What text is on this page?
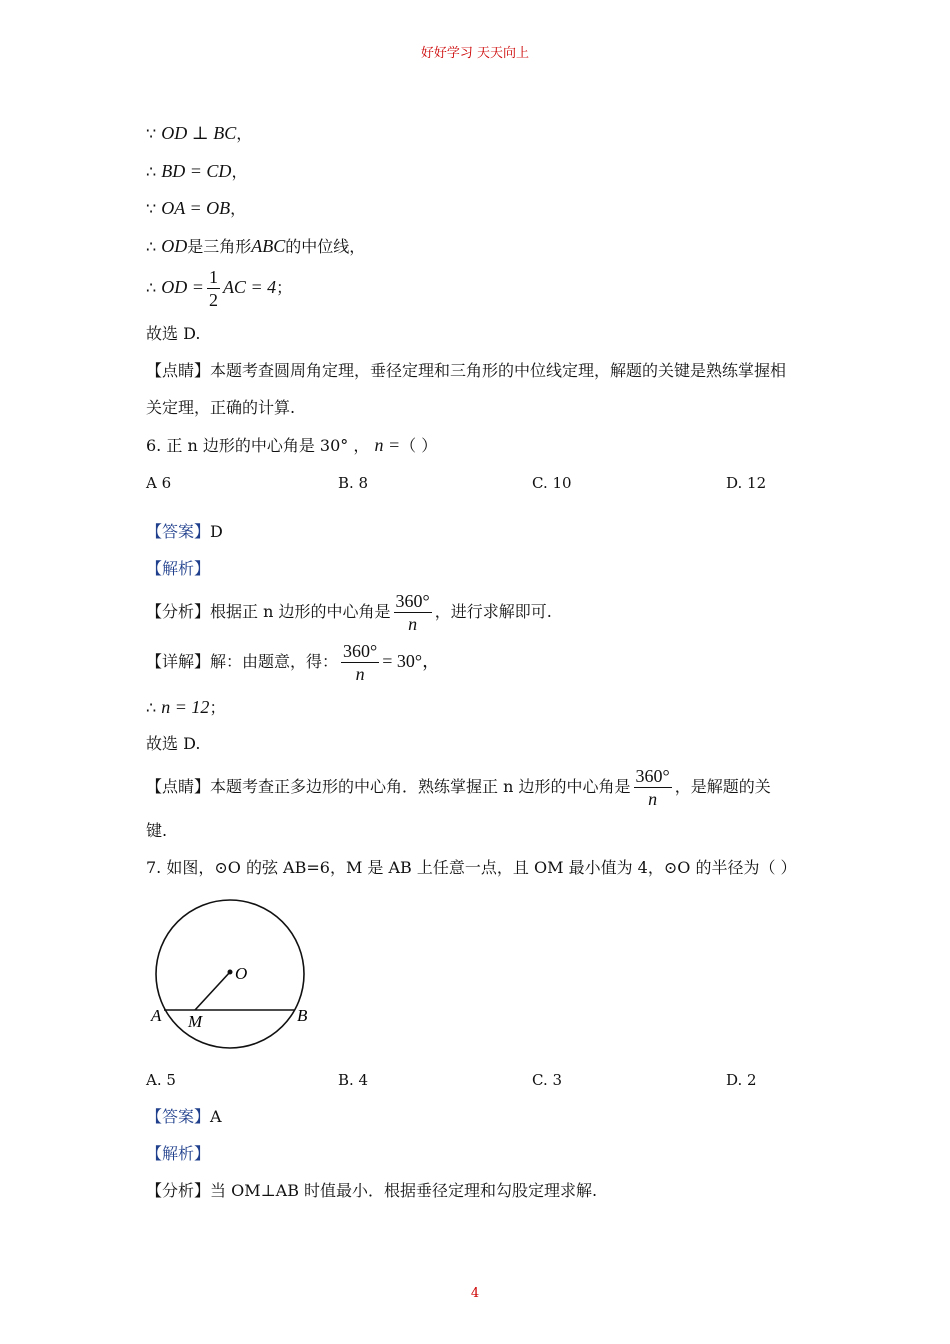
好好学习 天天向上
∵ OD ⊥ BC，
∴ BD = CD，
∵ OA = OB，
∴ OD是三角形ABC的中位线，
∴ OD = $\frac{1}{2}$ AC = 4；
故选 D.
【点睛】本题考查圆周角定理，垂径定理和三角形的中位线定理，解题的关键是熟练掌握相
关定理，正确的计算.
6. 正 n 边形的中心角是 30° ， n =（ ）
A 6	B. 8	C. 10	D. 12
【答案】D
【解析】
【分析】根据正 n 边形的中心角是 $\frac{360^\circ}{n}$ ，进行求解即可.
【详解】解：由题意，得： $\frac{360^\circ}{n} = 30^\circ$，
∴ n = 12；
故选 D.
【点睛】本题考查正多边形的中心角．熟练掌握正 n 边形的中心角是 $\frac{360^\circ}{n}$ ，是解题的关
键.
7. 如图，⊙O 的弦 AB=6，M 是 AB 上任意一点，且 OM 最小值为 4，⊙O 的半径为（ ）
O
A M	B
A. 5	B. 4	C. 3	D. 2
【答案】A
【解析】
【分析】当 OM⊥AB 时值最小．根据垂径定理和勾股定理求解.
4
